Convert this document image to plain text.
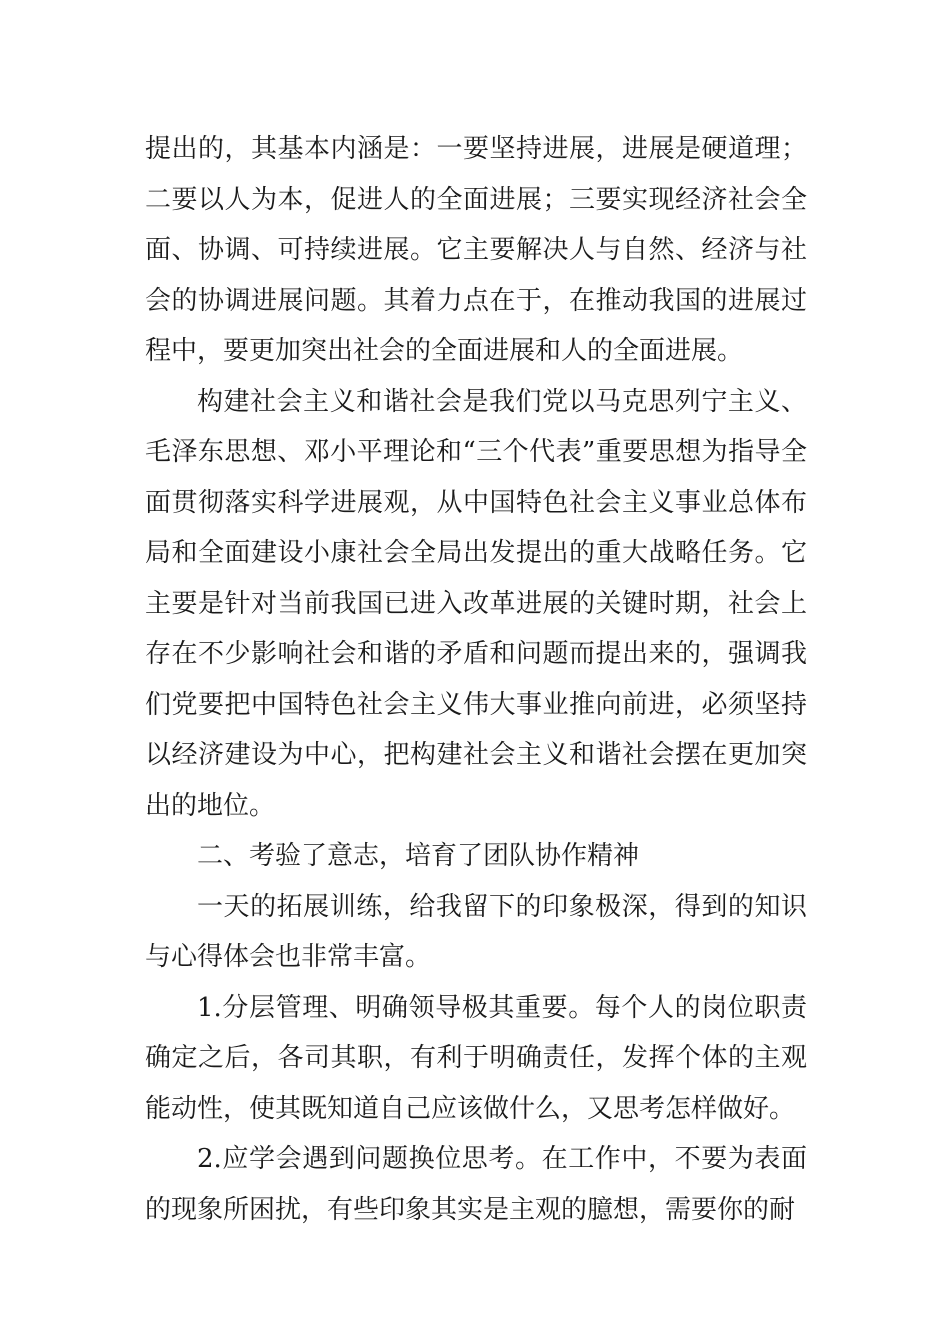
提出的，其基本内涵是：一要坚持进展，进展是硬道理；二要以人为本，促进人的全面进展；三要实现经济社会全面、协调、可持续进展。它主要解决人与自然、经济与社会的协调进展问题。其着力点在于，在推动我国的进展过程中，要更加突出社会的全面进展和人的全面进展。

构建社会主义和谐社会是我们党以马克思列宁主义、毛泽东思想、邓小平理论和“三个代表”重要思想为指导全面贯彻落实科学进展观，从中国特色社会主义事业总体布局和全面建设小康社会全局出发提出的重大战略任务。它主要是针对当前我国已进入改革进展的关键时期，社会上存在不少影响社会和谐的矛盾和问题而提出来的，强调我们党要把中国特色社会主义伟大事业推向前进，必须坚持以经济建设为中心，把构建社会主义和谐社会摆在更加突出的地位。

二、考验了意志，培育了团队协作精神

一天的拓展训练，给我留下的印象极深，得到的知识与心得体会也非常丰富。

1.分层管理、明确领导极其重要。每个人的岗位职责确定之后，各司其职，有利于明确责任，发挥个体的主观能动性，使其既知道自己应该做什么，又思考怎样做好。

2.应学会遇到问题换位思考。在工作中，不要为表面的现象所困扰，有些印象其实是主观的臆想，需要你的耐
